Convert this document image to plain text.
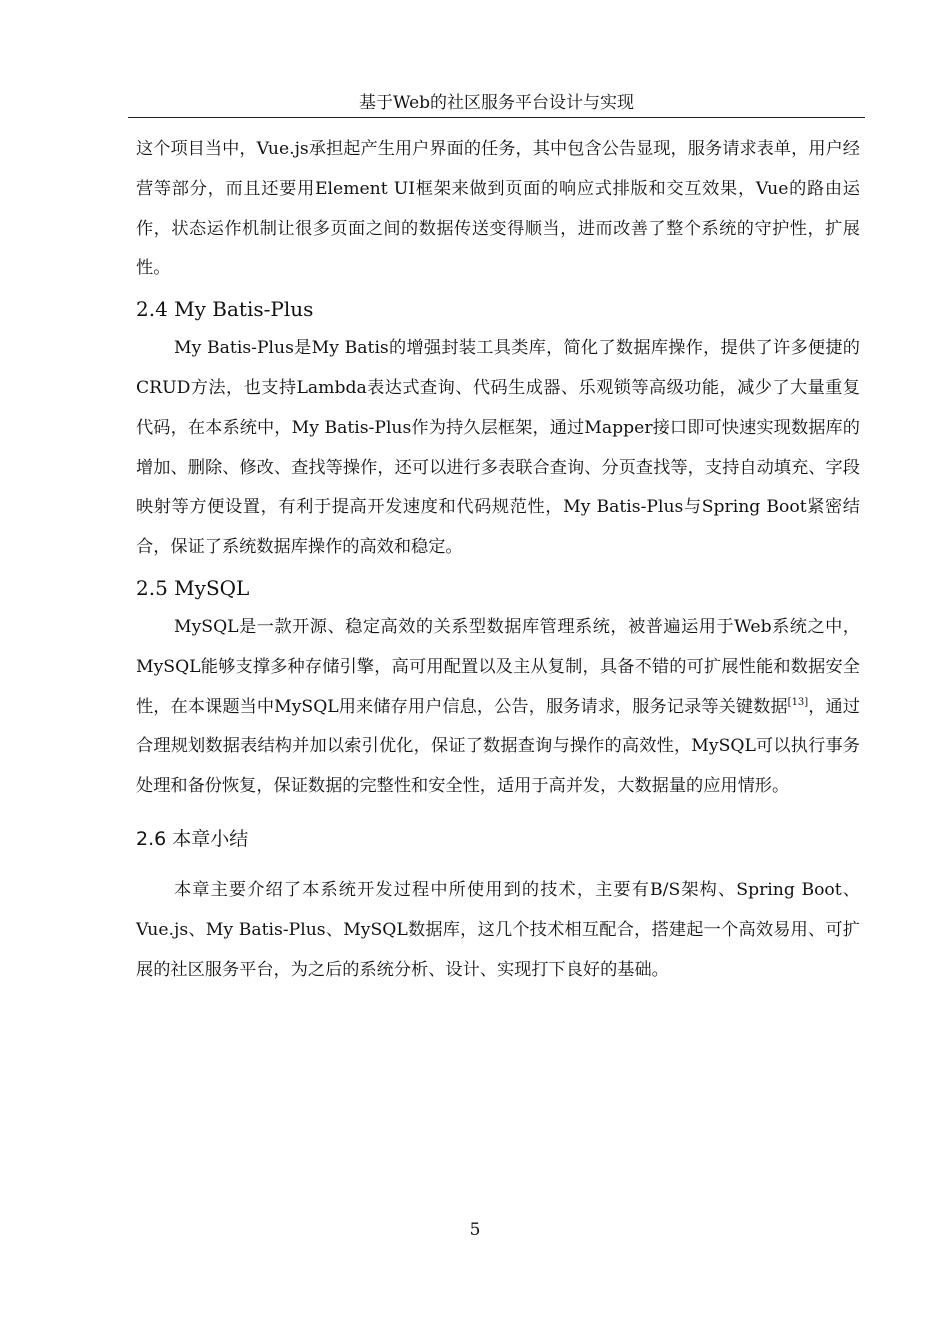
基于Web的社区服务平台设计与实现

这个项目当中，Vue.js承担起产生用户界面的任务，其中包含公告显现，服务请求表单，用户经营等部分，而且还要用Element UI框架来做到页面的响应式排版和交互效果，Vue的路由运作，状态运作机制让很多页面之间的数据传送变得顺当，进而改善了整个系统的守护性，扩展性。

2.4 My Batis-Plus

My Batis-Plus是My Batis的增强封装工具类库，简化了数据库操作，提供了许多便捷的CRUD方法，也支持Lambda表达式查询、代码生成器、乐观锁等高级功能，减少了大量重复代码，在本系统中，My Batis-Plus作为持久层框架，通过Mapper接口即可快速实现数据库的增加、删除、修改、查找等操作，还可以进行多表联合查询、分页查找等，支持自动填充、字段映射等方便设置，有利于提高开发速度和代码规范性，My Batis-Plus与Spring Boot紧密结合，保证了系统数据库操作的高效和稳定。

2.5 MySQL

MySQL是一款开源、稳定高效的关系型数据库管理系统，被普遍运用于Web系统之中，MySQL能够支撑多种存储引擎，高可用配置以及主从复制，具备不错的可扩展性能和数据安全性，在本课题当中MySQL用来储存用户信息，公告，服务请求，服务记录等关键数据[13]，通过合理规划数据表结构并加以索引优化，保证了数据查询与操作的高效性，MySQL可以执行事务处理和备份恢复，保证数据的完整性和安全性，适用于高并发，大数据量的应用情形。

2.6 本章小结

本章主要介绍了本系统开发过程中所使用到的技术，主要有B/S架构、Spring Boot、Vue.js、My Batis-Plus、MySQL数据库，这几个技术相互配合，搭建起一个高效易用、可扩展的社区服务平台，为之后的系统分析、设计、实现打下良好的基础。

5
